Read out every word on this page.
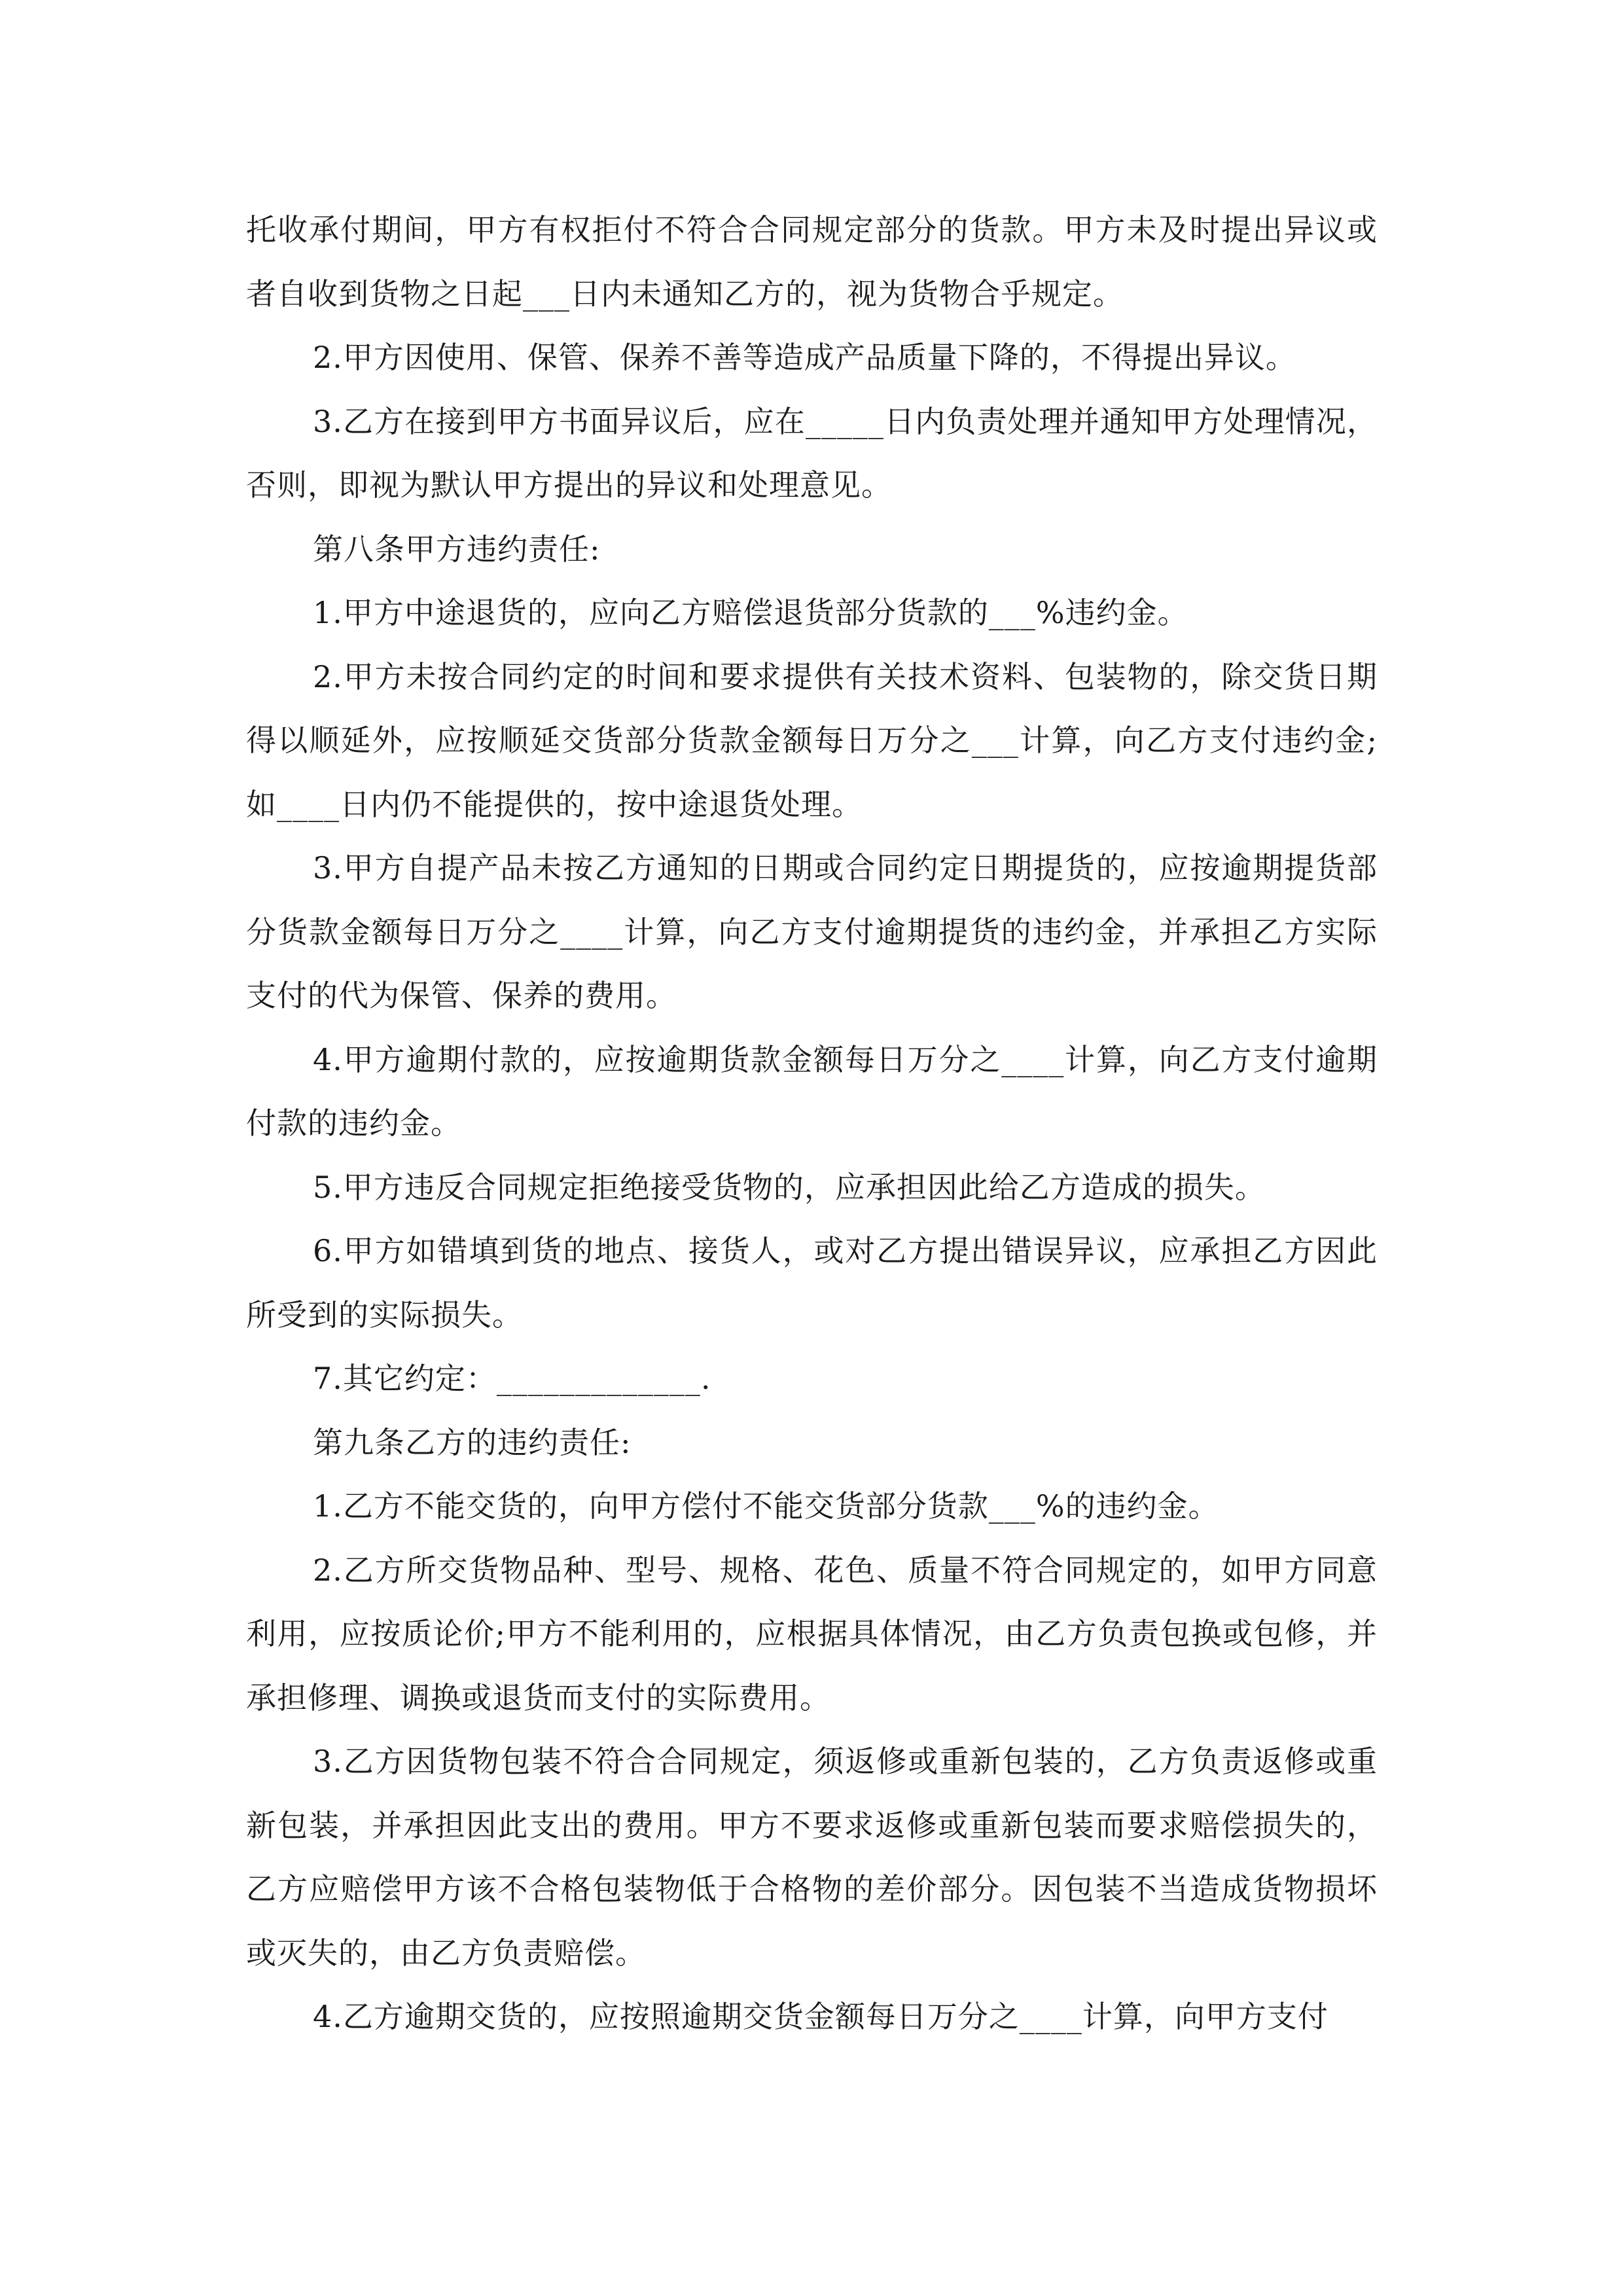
托收承付期间，甲方有权拒付不符合合同规定部分的货款。甲方未及时提出异议或者自收到货物之日起___日内未通知乙方的，视为货物合乎规定。

2.甲方因使用、保管、保养不善等造成产品质量下降的，不得提出异议。

3.乙方在接到甲方书面异议后，应在_____日内负责处理并通知甲方处理情况，否则，即视为默认甲方提出的异议和处理意见。

第八条甲方违约责任:

1.甲方中途退货的，应向乙方赔偿退货部分货款的___%违约金。

2.甲方未按合同约定的时间和要求提供有关技术资料、包装物的，除交货日期得以顺延外，应按顺延交货部分货款金额每日万分之___计算，向乙方支付违约金;如____日内仍不能提供的，按中途退货处理。

3.甲方自提产品未按乙方通知的日期或合同约定日期提货的，应按逾期提货部分货款金额每日万分之____计算，向乙方支付逾期提货的违约金，并承担乙方实际支付的代为保管、保养的费用。

4.甲方逾期付款的，应按逾期货款金额每日万分之____计算，向乙方支付逾期付款的违约金。

5.甲方违反合同规定拒绝接受货物的，应承担因此给乙方造成的损失。

6.甲方如错填到货的地点、接货人，或对乙方提出错误异议，应承担乙方因此所受到的实际损失。

7.其它约定：_____________.

第九条乙方的违约责任:

1.乙方不能交货的，向甲方偿付不能交货部分货款___%的违约金。

2.乙方所交货物品种、型号、规格、花色、质量不符合同规定的，如甲方同意利用，应按质论价;甲方不能利用的，应根据具体情况，由乙方负责包换或包修，并承担修理、调换或退货而支付的实际费用。

3.乙方因货物包装不符合合同规定，须返修或重新包装的，乙方负责返修或重新包装，并承担因此支出的费用。甲方不要求返修或重新包装而要求赔偿损失的，乙方应赔偿甲方该不合格包装物低于合格物的差价部分。因包装不当造成货物损坏或灭失的，由乙方负责赔偿。

4.乙方逾期交货的，应按照逾期交货金额每日万分之____计算，向甲方支付
